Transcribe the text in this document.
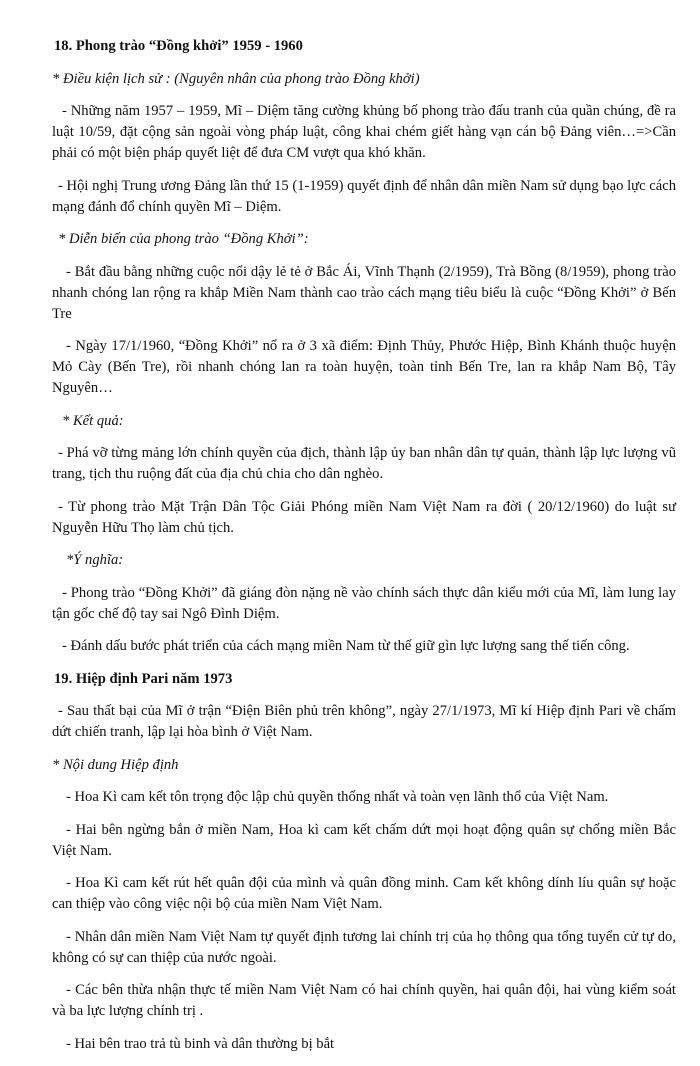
18. Phong trào “Đồng khởi” 1959 - 1960

* Điều kiện lịch sử : (Nguyên nhân của phong trào Đồng khởi)

- Những năm 1957 – 1959, Mĩ – Diệm tăng cường khủng bố phong trào đấu tranh của quần chúng, đề ra luật 10/59, đặt cộng sản ngoài vòng pháp luật, công khai chém giết hàng vạn cán bộ Đảng viên…=>Cần phải có một biện pháp quyết liệt để đưa CM vượt qua khó khăn.

- Hội nghị Trung ương Đảng lần thứ 15 (1-1959) quyết định để nhân dân miền Nam sử dụng bạo lực cách mạng đánh đổ chính quyền Mĩ – Diệm.

* Diễn biến của phong trào “Đồng Khởi”:

- Bắt đầu bằng những cuộc nổi dậy lẻ tẻ ở Bắc Ái, Vĩnh Thạnh (2/1959), Trà Bồng (8/1959), phong trào nhanh chóng lan rộng ra khắp Miền Nam thành cao trào cách mạng tiêu biểu là cuộc “Đồng Khởi” ở Bến Tre

- Ngày 17/1/1960, “Đồng Khởi” nổ ra ở 3 xã điểm: Định Thủy, Phước Hiệp, Bình Khánh thuộc huyện Mỏ Cày (Bến Tre), rồi nhanh chóng lan ra toàn huyện, toàn tỉnh Bến Tre, lan ra khắp Nam Bộ, Tây Nguyên…

* Kết quả:

- Phá vỡ từng mảng lớn chính quyền của địch, thành lập ủy ban nhân dân tự quản, thành lập lực lượng vũ trang, tịch thu ruộng đất của địa chủ chia cho dân nghèo.

- Từ phong trào Mặt Trận Dân Tộc Giải Phóng miền Nam Việt Nam ra đời ( 20/12/1960) do luật sư Nguyễn Hữu Thọ làm chủ tịch.

*Ý nghĩa:

- Phong trào “Đồng Khởi” đã giáng đòn nặng nề vào chính sách thực dân kiểu mới của Mĩ, làm lung lay tận gốc chế độ tay sai Ngô Đình Diệm.

- Đánh dấu bước phát triển của cách mạng miền Nam từ thế giữ gìn lực lượng sang thế tiến công.

19. Hiệp định Pari năm 1973

- Sau thất bại của Mĩ ở trận “Điện Biên phủ trên không”, ngày 27/1/1973, Mĩ kí Hiệp định Pari về chấm dứt chiến tranh, lập lại hòa bình ở Việt Nam.

* Nội dung Hiệp định

- Hoa Kì cam kết tôn trọng độc lập chủ quyền thống nhất và toàn vẹn lãnh thổ của Việt Nam.

- Hai bên ngừng bắn ở miền Nam, Hoa kì cam kết chấm dứt mọi hoạt động quân sự chống miền Bắc Việt Nam.

- Hoa Kì cam kết rút hết quân đội của mình và quân đồng minh. Cam kết không dính líu quân sự hoặc can thiệp vào công việc nội bộ của miền Nam Việt Nam.

- Nhân dân miền Nam Việt Nam tự quyết định tương lai chính trị của họ thông qua tổng tuyển cử tự do, không có sự can thiệp của nước ngoài.

- Các bên thừa nhận thực tế miền Nam Việt Nam có hai chính quyền, hai quân đội, hai vùng kiểm soát và ba lực lượng chính trị .

- Hai bên trao trả tù binh và dân thường bị bắt
